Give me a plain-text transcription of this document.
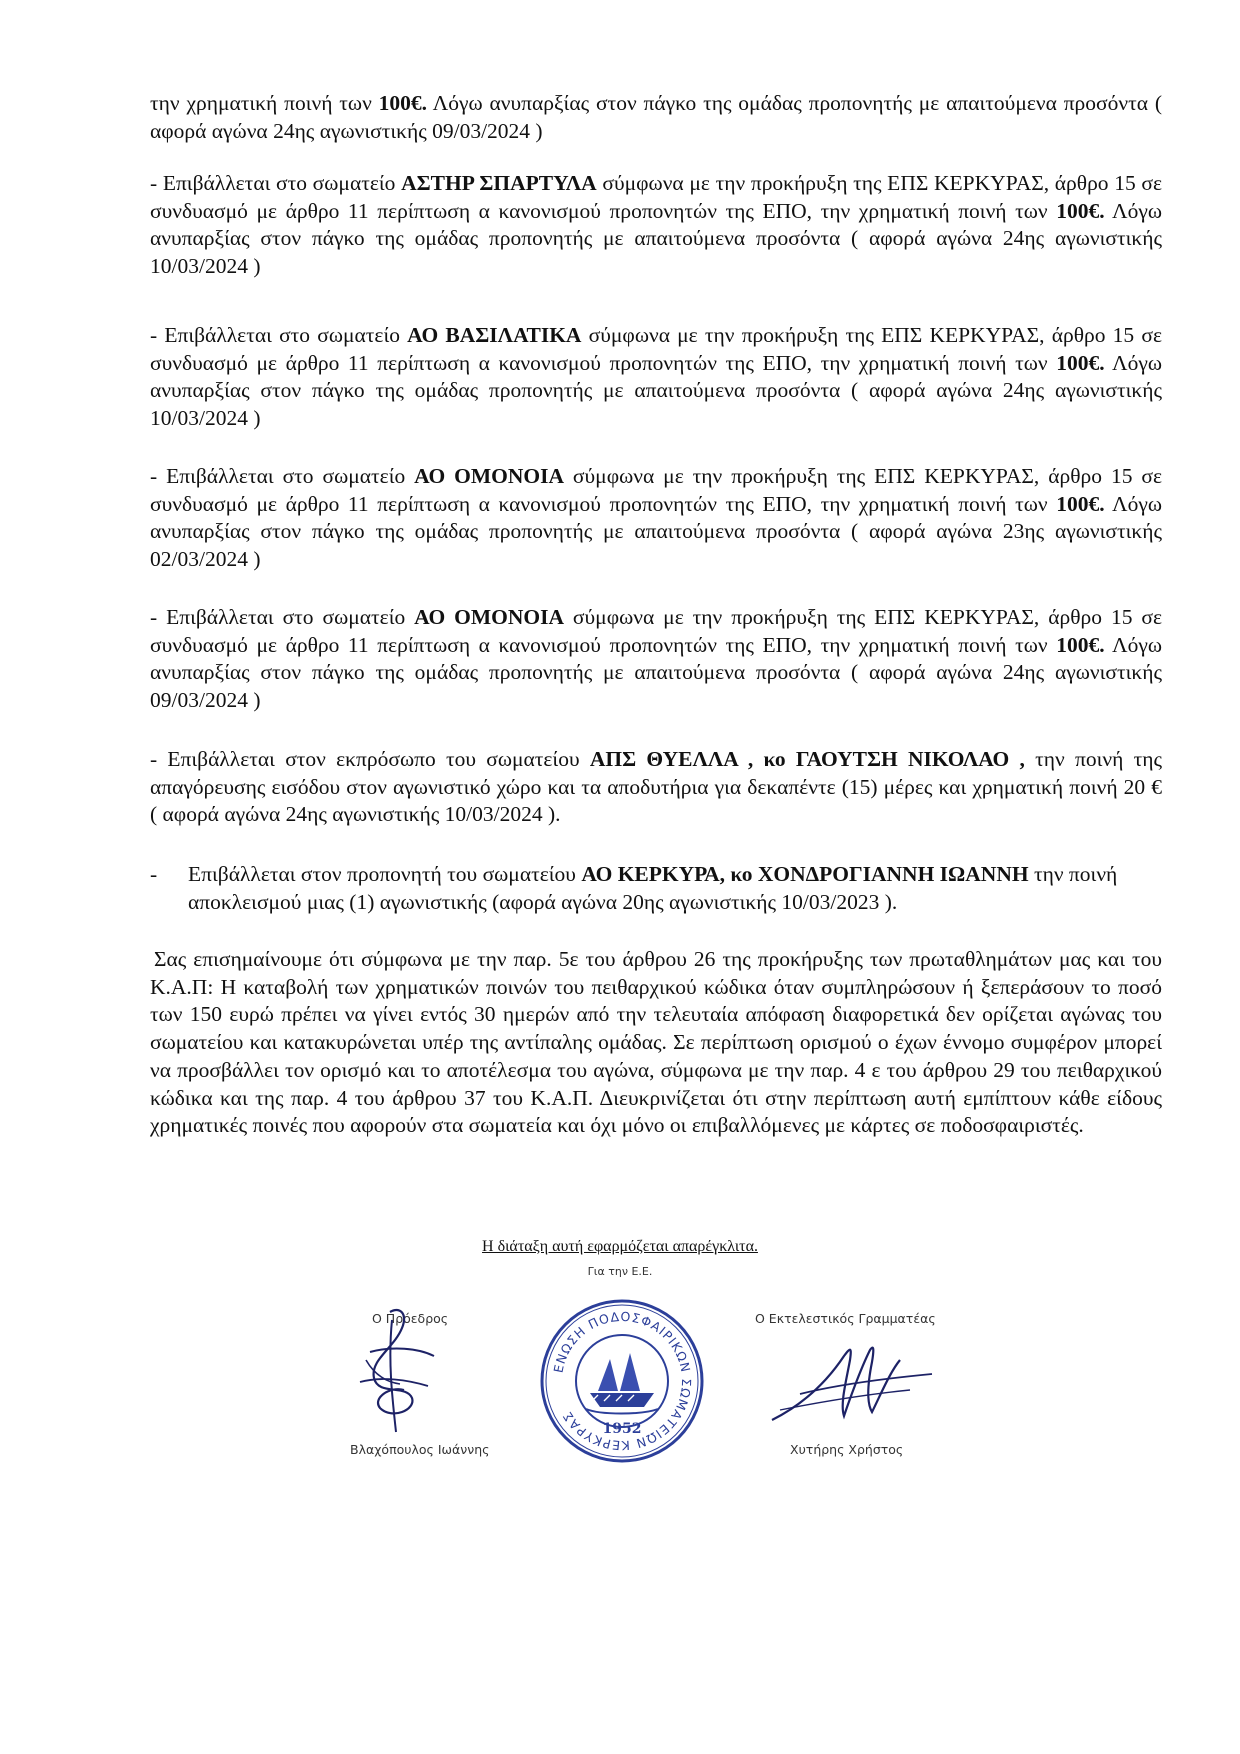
την χρηματική ποινή των 100€. Λόγω ανυπαρξίας στον πάγκο της ομάδας προπονητής με απαιτούμενα προσόντα ( αφορά αγώνα 24ης αγωνιστικής 09/03/2024 )

- Επιβάλλεται στο σωματείο ΑΣΤΗΡ ΣΠΑΡΤΥΛΑ σύμφωνα με την προκήρυξη της ΕΠΣ ΚΕΡΚΥΡΑΣ, άρθρο 15 σε συνδυασμό με άρθρο 11 περίπτωση α κανονισμού προπονητών της ΕΠΟ, την χρηματική ποινή των 100€. Λόγω ανυπαρξίας στον πάγκο της ομάδας προπονητής με απαιτούμενα προσόντα ( αφορά αγώνα 24ης αγωνιστικής 10/03/2024 )

- Επιβάλλεται στο σωματείο ΑΟ ΒΑΣΙΛΑΤΙΚΑ σύμφωνα με την προκήρυξη της ΕΠΣ ΚΕΡΚΥΡΑΣ, άρθρο 15 σε συνδυασμό με άρθρο 11 περίπτωση α κανονισμού προπονητών της ΕΠΟ, την χρηματική ποινή των 100€. Λόγω ανυπαρξίας στον πάγκο της ομάδας προπονητής με απαιτούμενα προσόντα ( αφορά αγώνα 24ης αγωνιστικής 10/03/2024 )

- Επιβάλλεται στο σωματείο ΑΟ ΟΜΟΝΟΙΑ σύμφωνα με την προκήρυξη της ΕΠΣ ΚΕΡΚΥΡΑΣ, άρθρο 15 σε συνδυασμό με άρθρο 11 περίπτωση α κανονισμού προπονητών της ΕΠΟ, την χρηματική ποινή των 100€. Λόγω ανυπαρξίας στον πάγκο της ομάδας προπονητής με απαιτούμενα προσόντα ( αφορά αγώνα 23ης αγωνιστικής 02/03/2024 )

- Επιβάλλεται στο σωματείο ΑΟ ΟΜΟΝΟΙΑ σύμφωνα με την προκήρυξη της ΕΠΣ ΚΕΡΚΥΡΑΣ, άρθρο 15 σε συνδυασμό με άρθρο 11 περίπτωση α κανονισμού προπονητών της ΕΠΟ, την χρηματική ποινή των 100€. Λόγω ανυπαρξίας στον πάγκο της ομάδας προπονητής με απαιτούμενα προσόντα ( αφορά αγώνα 24ης αγωνιστικής 09/03/2024 )

- Επιβάλλεται στον εκπρόσωπο του σωματείου ΑΠΣ ΘΥΕΛΛΑ , κο ΓΑΟΥΤΣΗ ΝΙΚΟΛΑΟ , την ποινή της απαγόρευσης εισόδου στον αγωνιστικό χώρο και τα αποδυτήρια για δεκαπέντε (15) μέρες και χρηματική ποινή 20 € ( αφορά αγώνα 24ης αγωνιστικής 10/03/2024 ).

- Επιβάλλεται στον προπονητή του σωματείου ΑΟ ΚΕΡΚΥΡΑ, κο ΧΟΝΔΡΟΓΙΑΝΝΗ ΙΩΑΝΝΗ την ποινή αποκλεισμού μιας (1) αγωνιστικής (αφορά αγώνα 20ης αγωνιστικής 10/03/2023 ).

Σας επισημαίνουμε ότι σύμφωνα με την παρ. 5ε του άρθρου 26 της προκήρυξης των πρωταθλημάτων μας και του Κ.Α.Π: Η καταβολή των χρηματικών ποινών του πειθαρχικού κώδικα όταν συμπληρώσουν ή ξεπεράσουν το ποσό των 150 ευρώ πρέπει να γίνει εντός 30 ημερών από την τελευταία απόφαση διαφορετικά δεν ορίζεται αγώνας του σωματείου και κατακυρώνεται υπέρ της αντίπαλης ομάδας. Σε περίπτωση ορισμού ο έχων έννομο συμφέρον μπορεί να προσβάλλει τον ορισμό και το αποτέλεσμα του αγώνα, σύμφωνα με την παρ. 4 ε του άρθρου 29 του πειθαρχικού κώδικα και της παρ. 4 του άρθρου 37 του Κ.Α.Π. Διευκρινίζεται ότι στην περίπτωση αυτή εμπίπτουν κάθε είδους χρηματικές ποινές που αφορούν στα σωματεία και όχι μόνο οι επιβαλλόμενες με κάρτες σε ποδοσφαιριστές.

Η διάταξη αυτή εφαρμόζεται απαρέγκλιτα.
Για την Ε.Ε.
Ο Πρόεδρος
Βλαχόπουλος Ιωάννης
Ο Εκτελεστικός Γραμματέας
Χυτήρης Χρήστος
ΕΝΩΣΗ ΠΟΔΟΣΦΑΙΡΙΚΩΝ ΣΩΜΑΤΕΙΩΝ ΚΕΡΚΥΡΑΣ
1952
